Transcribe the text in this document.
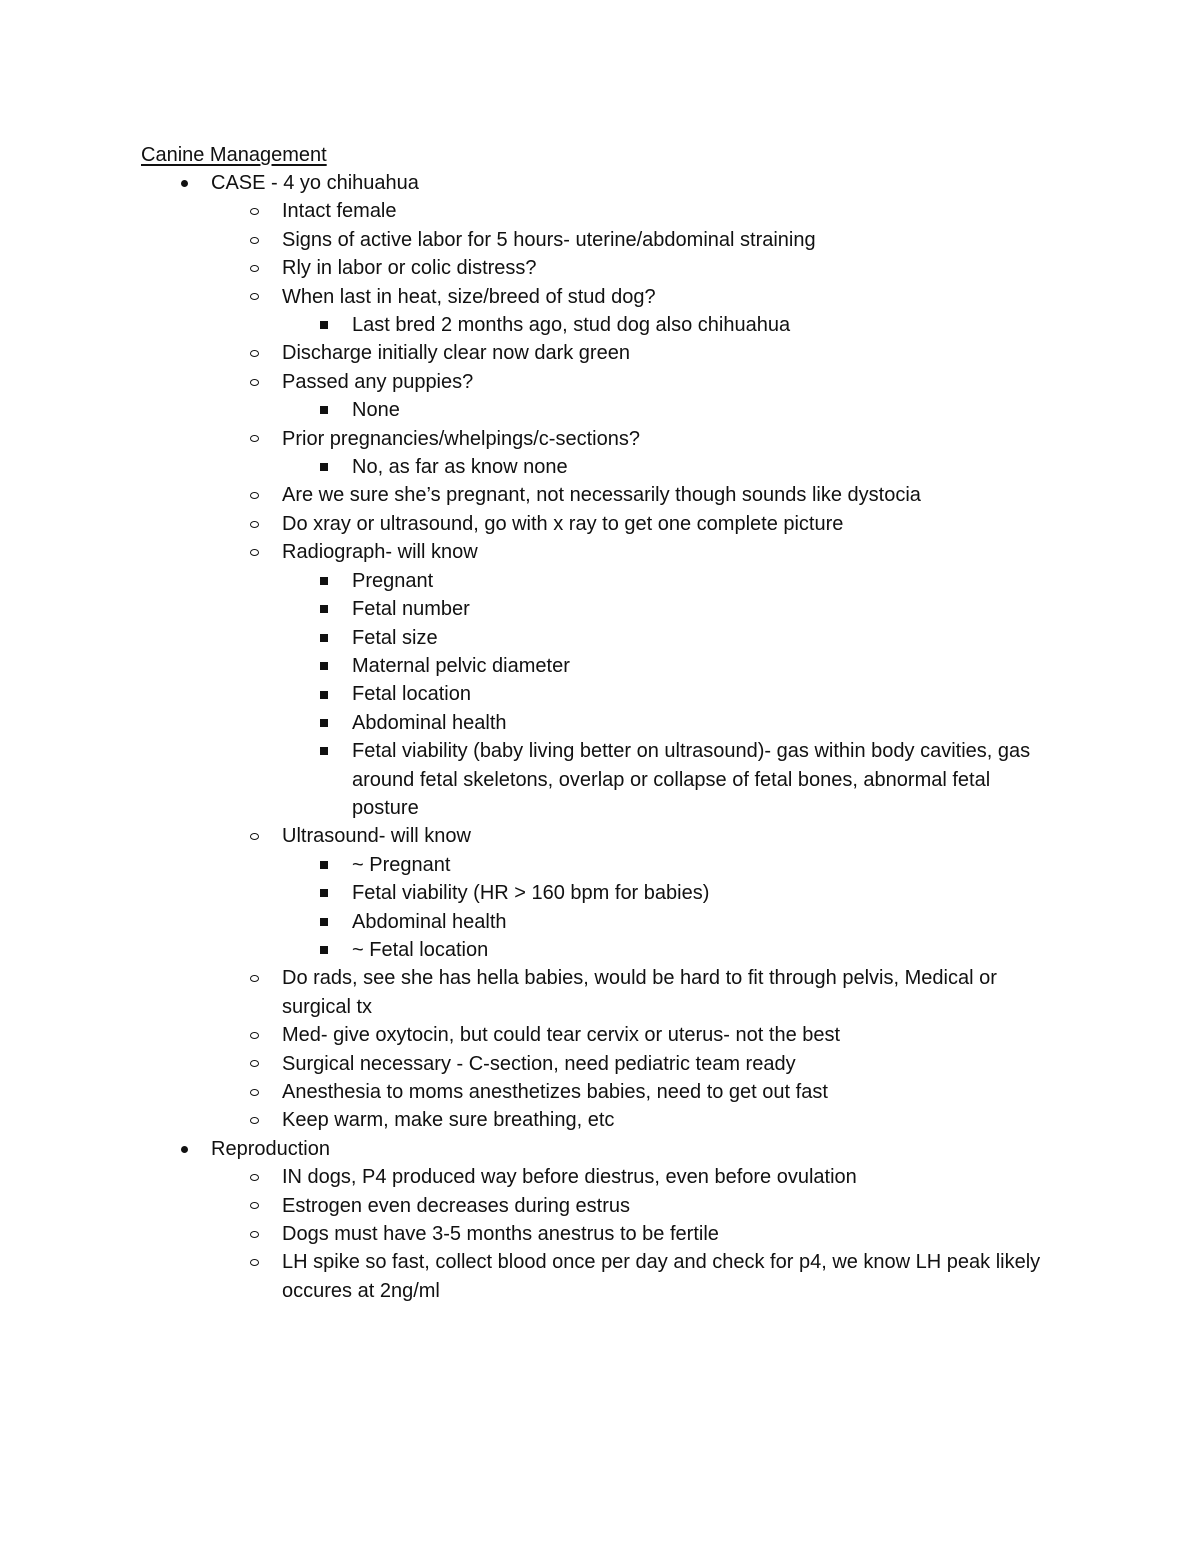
Canine Management
CASE - 4 yo chihuahua
Intact female
Signs of active labor for 5 hours- uterine/abdominal straining
Rly in labor or colic distress?
When last in heat, size/breed of stud dog?
Last bred 2 months ago, stud dog also chihuahua
Discharge initially clear now dark green
Passed any puppies?
None
Prior pregnancies/whelpings/c-sections?
No, as far as know none
Are we sure she’s pregnant, not necessarily though sounds like dystocia
Do xray or ultrasound, go with x ray to get one complete picture
Radiograph- will know
Pregnant
Fetal number
Fetal size
Maternal pelvic diameter
Fetal location
Abdominal health
Fetal viability (baby living better on ultrasound)- gas within body cavities, gas around fetal skeletons, overlap or collapse of fetal bones, abnormal fetal posture
Ultrasound- will know
~ Pregnant
Fetal viability (HR > 160 bpm for babies)
Abdominal health
~ Fetal location
Do rads, see she has hella babies, would be hard to fit through pelvis, Medical or surgical tx
Med- give oxytocin, but could tear cervix or uterus- not the best
Surgical necessary - C-section, need pediatric team ready
Anesthesia to moms anesthetizes babies, need to get out fast
Keep warm, make sure breathing, etc
Reproduction
IN dogs, P4 produced way before diestrus, even before ovulation
Estrogen even decreases during estrus
Dogs must have 3-5 months anestrus to be fertile
LH spike so fast, collect blood once per day and check for p4, we know LH peak likely occures at 2ng/ml
